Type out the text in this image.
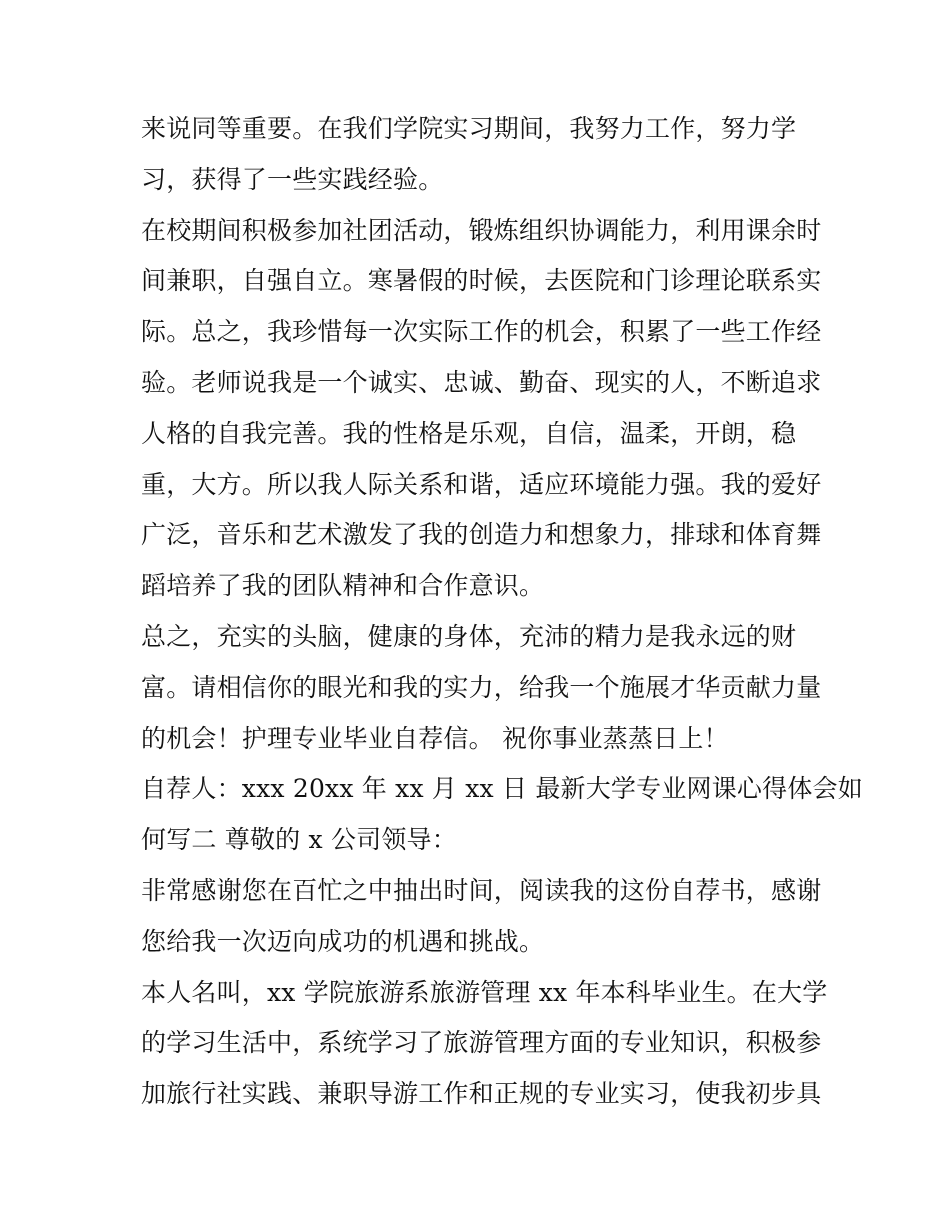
来说同等重要。在我们学院实习期间，我努力工作，努力学
习，获得了一些实践经验。
在校期间积极参加社团活动，锻炼组织协调能力，利用课余时
间兼职，自强自立。寒暑假的时候，去医院和门诊理论联系实
际。总之，我珍惜每一次实际工作的机会，积累了一些工作经
验。老师说我是一个诚实、忠诚、勤奋、现实的人，不断追求
人格的自我完善。我的性格是乐观，自信，温柔，开朗，稳
重，大方。所以我人际关系和谐，适应环境能力强。我的爱好
广泛，音乐和艺术激发了我的创造力和想象力，排球和体育舞
蹈培养了我的团队精神和合作意识。
总之，充实的头脑，健康的身体，充沛的精力是我永远的财
富。请相信你的眼光和我的实力，给我一个施展才华贡献力量
的机会！护理专业毕业自荐信。 祝你事业蒸蒸日上！
自荐人：xxx 20xx 年 xx 月 xx 日 最新大学专业网课心得体会如
何写二 尊敬的 x 公司领导：
非常感谢您在百忙之中抽出时间，阅读我的这份自荐书，感谢
您给我一次迈向成功的机遇和挑战。
本人名叫，xx 学院旅游系旅游管理 xx 年本科毕业生。在大学
的学习生活中，系统学习了旅游管理方面的专业知识，积极参
加旅行社实践、兼职导游工作和正规的专业实习，使我初步具
